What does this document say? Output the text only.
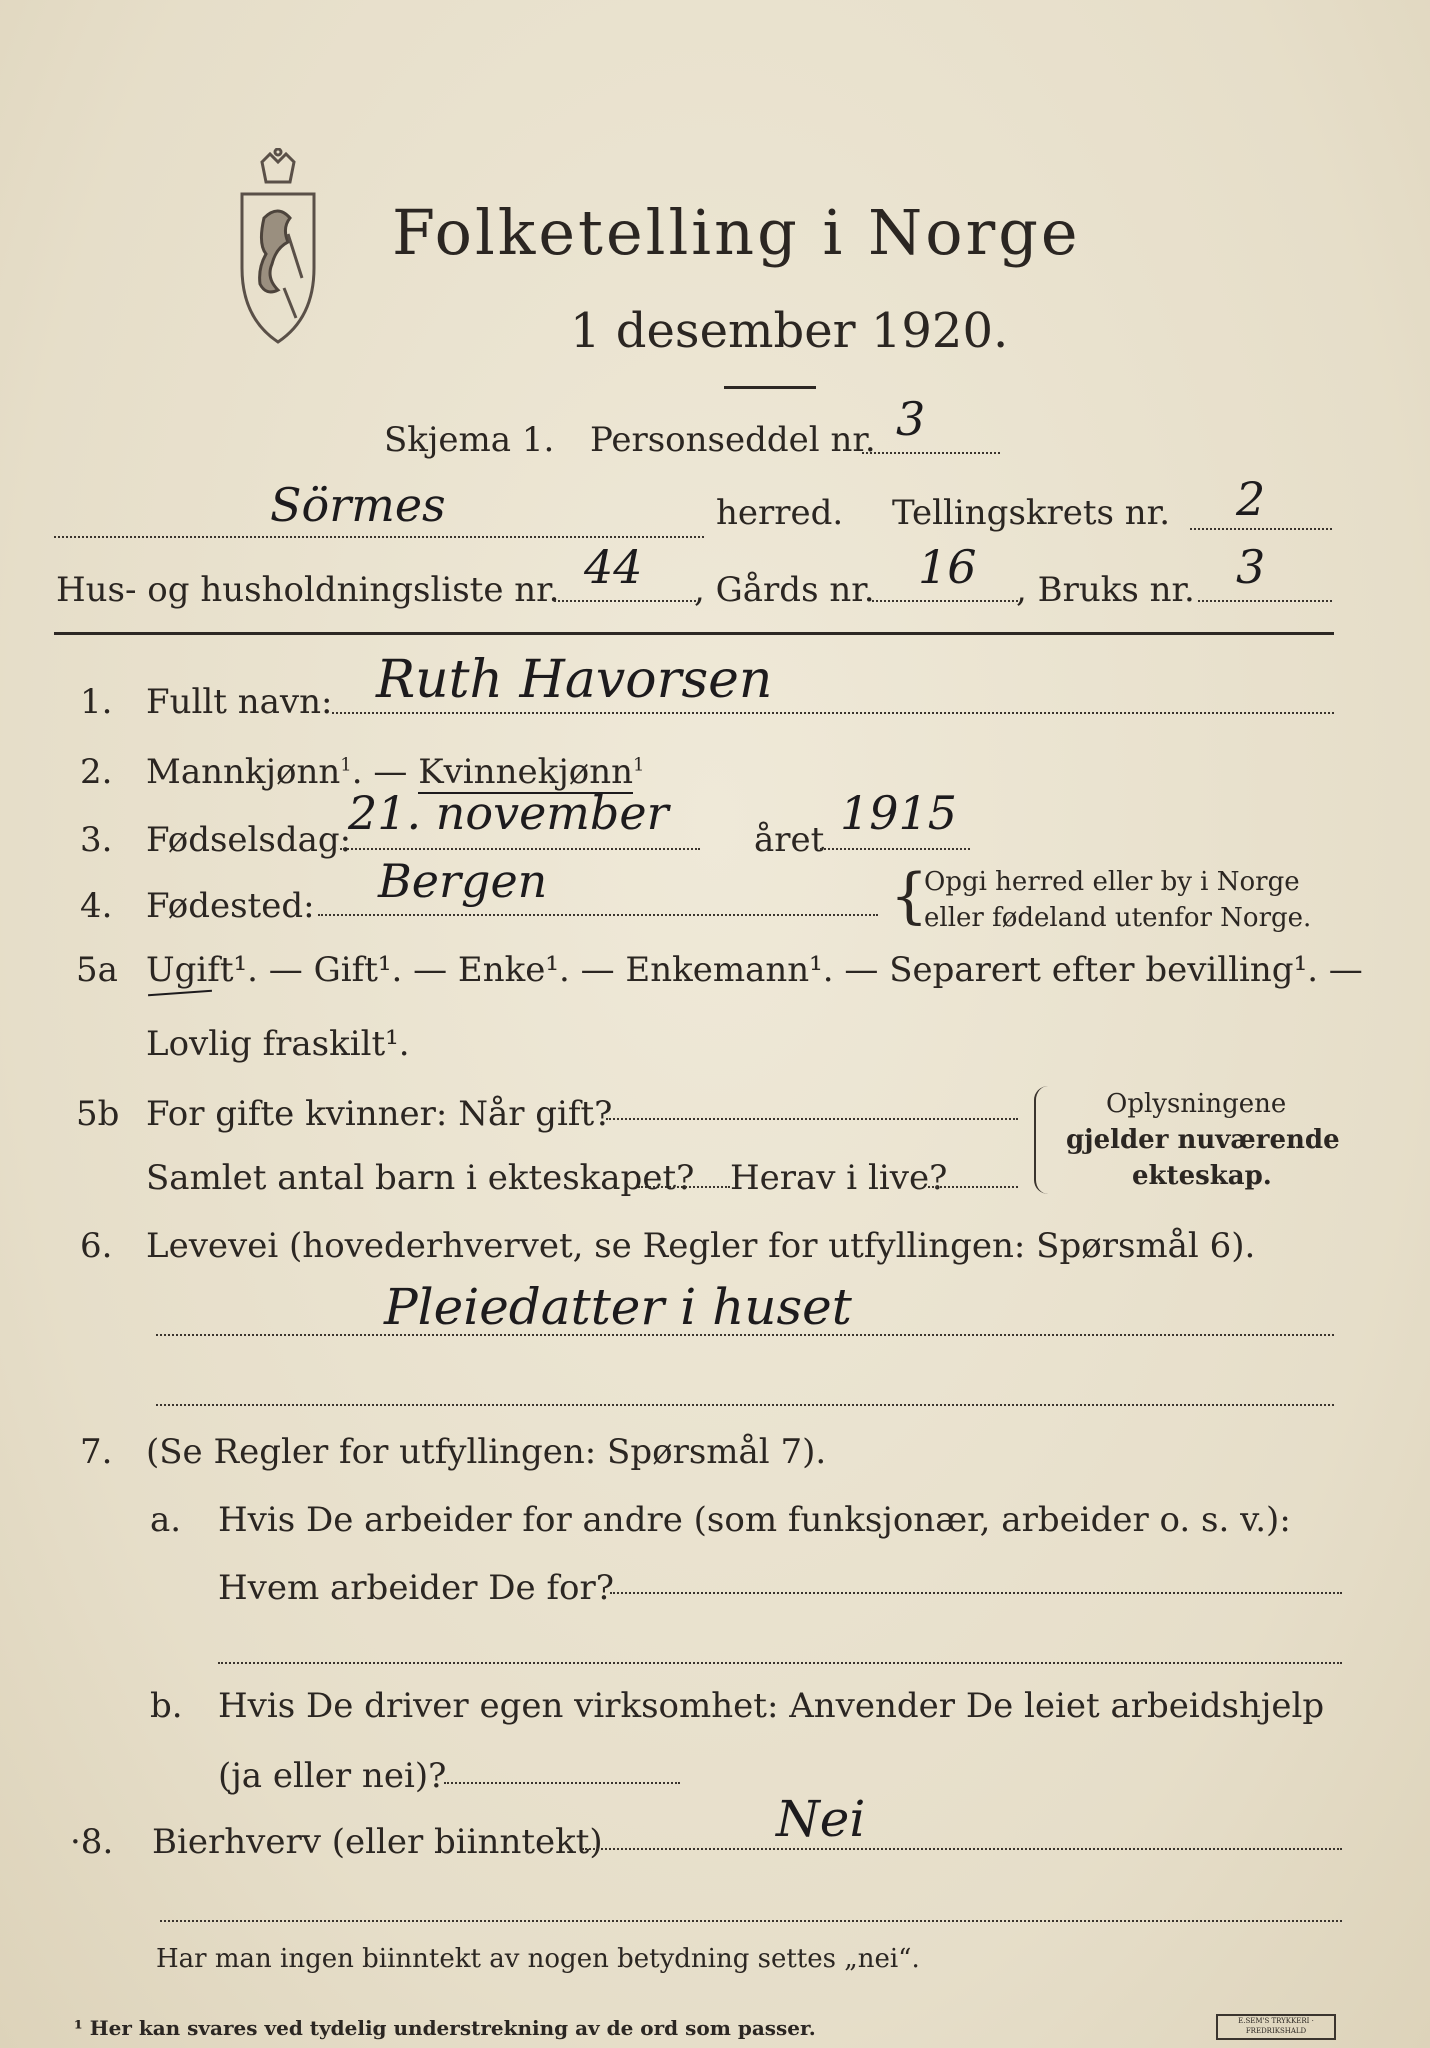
Folketelling i Norge
1 desember 1920.
Skjema 1. Personseddel nr. 3
Sörmes	herred. Tellingskrets nr. 2
Hus- og husholdningsliste nr. 44 , Gårds nr. 16 , Bruks nr. 3
1. Fullt navn: Ruth Havorsen
2. Mannkjønn$^1$. — Kvinnekjønn$^1$
3. Fødselsdag:
21. november	året 1915
4. Fødested: Bergen	{
Opgi herred eller by i Norge
eller fødeland utenfor Norge.
5a Ugift¹. — Gift¹. — Enke¹. — Enkemann¹. — Separert efter bevilling¹. —
Lovlig fraskilt¹.
5b For gifte kvinner: Når gift?
Samlet antal barn i ekteskapet? Herav i live?
Oplysningene
gjelder nuværende
ekteskap.
6. Levevei (hovederhvervet, se Regler for utfyllingen: Spørsmål 6).
Pleiedatter i huset
7. (Se Regler for utfyllingen: Spørsmål 7).
a. Hvis De arbeider for andre (som funksjonær, arbeider o. s. v.):
Hvem arbeider De for?
b. Hvis De driver egen virksomhet: Anvender De leiet arbeidshjelp
(ja eller nei)?
·8. Bierhverv (eller biinntekt)	Nei
Har man ingen biinntekt av nogen betydning settes „nei“.
¹ Her kan svares ved tydelig understrekning av de ord som passer.	E.SEM'S TRYKKERI · FREDRIKSHALD
